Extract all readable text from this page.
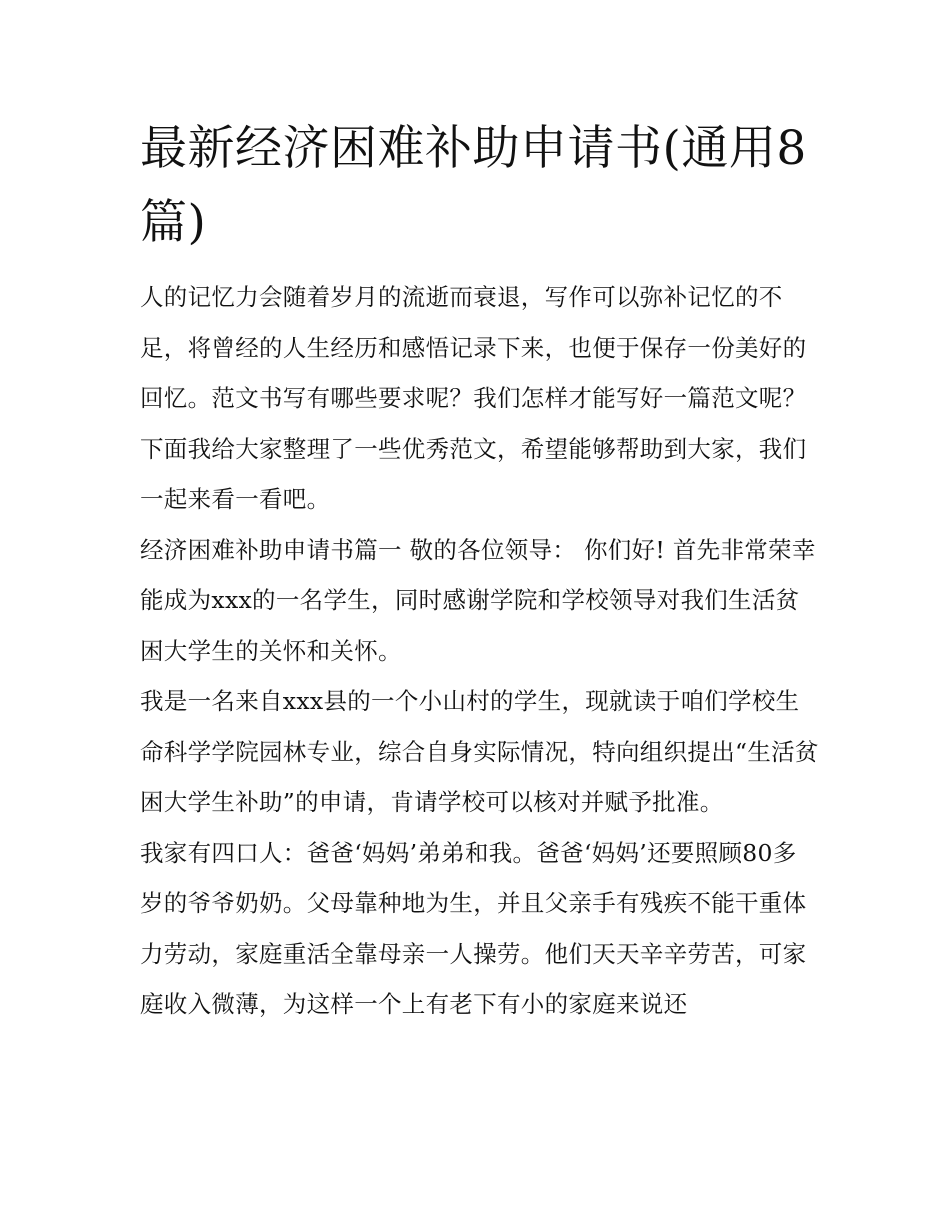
最新经济困难补助申请书(通用8篇)

人的记忆力会随着岁月的流逝而衰退，写作可以弥补记忆的不足，将曾经的人生经历和感悟记录下来，也便于保存一份美好的回忆。范文书写有哪些要求呢？我们怎样才能写好一篇范文呢？下面我给大家整理了一些优秀范文，希望能够帮助到大家，我们一起来看一看吧。

经济困难补助申请书篇一 敬的各位领导： 你们好! 首先非常荣幸能成为xxx的一名学生，同时感谢学院和学校领导对我们生活贫困大学生的关怀和关怀。

我是一名来自xxx县的一个小山村的学生，现就读于咱们学校生命科学学院园林专业，综合自身实际情况，特向组织提出“生活贫困大学生补助”的申请，肯请学校可以核对并赋予批准。

我家有四口人：爸爸‘妈妈’弟弟和我。爸爸‘妈妈’还要照顾80多岁的爷爷奶奶。父母靠种地为生，并且父亲手有残疾不能干重体力劳动，家庭重活全靠母亲一人操劳。他们天天辛辛劳苦，可家庭收入微薄，为这样一个上有老下有小的家庭来说还
